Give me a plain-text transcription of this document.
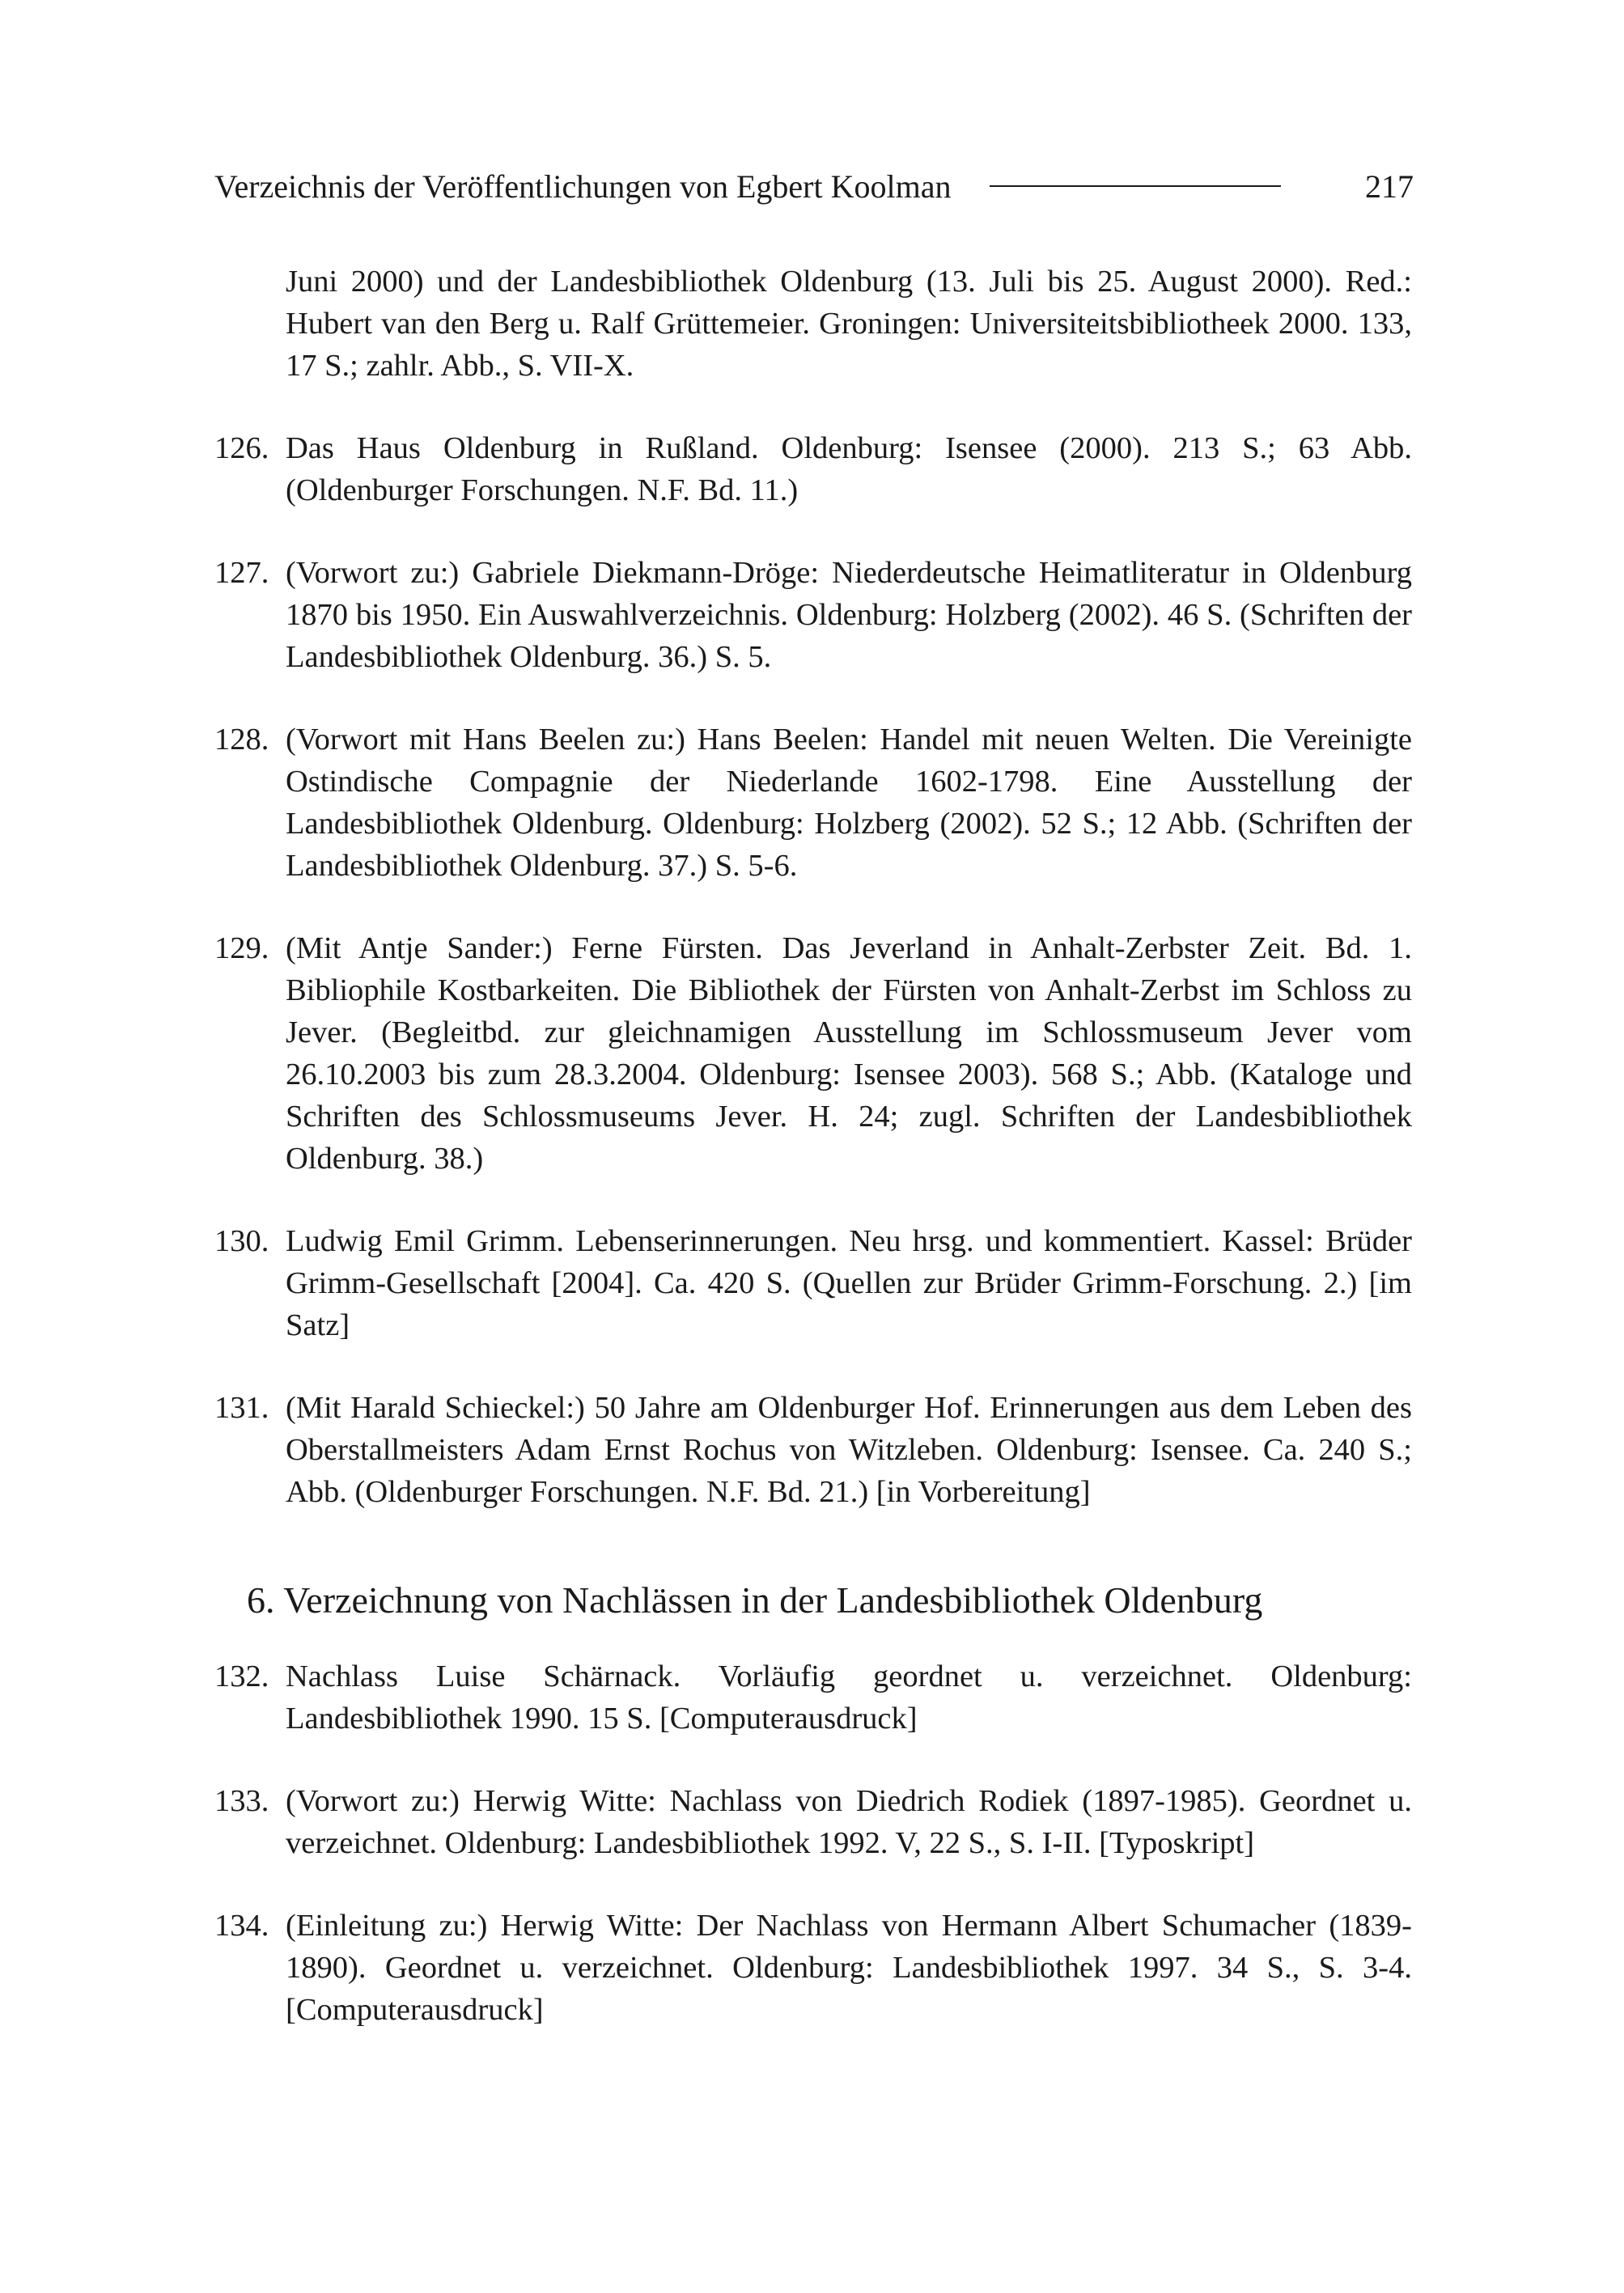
Verzeichnis der Veröffentlichungen von Egbert Koolman	217
Juni 2000) und der Landesbibliothek Oldenburg (13. Juli bis 25. August 2000). Red.: Hubert van den Berg u. Ralf Grüttemeier. Groningen: Universiteitsbibliotheek 2000. 133, 17 S.; zahlr. Abb., S. VII-X.
126. Das Haus Oldenburg in Rußland. Oldenburg: Isensee (2000). 213 S.; 63 Abb. (Oldenburger Forschungen. N.F. Bd. 11.)
127. (Vorwort zu:) Gabriele Diekmann-Dröge: Niederdeutsche Heimatliteratur in Oldenburg 1870 bis 1950. Ein Auswahlverzeichnis. Oldenburg: Holzberg (2002). 46 S. (Schriften der Landesbibliothek Oldenburg. 36.) S. 5.
128. (Vorwort mit Hans Beelen zu:) Hans Beelen: Handel mit neuen Welten. Die Vereinigte Ostindische Compagnie der Niederlande 1602-1798. Eine Ausstellung der Landesbibliothek Oldenburg. Oldenburg: Holzberg (2002). 52 S.; 12 Abb. (Schriften der Landesbibliothek Oldenburg. 37.) S. 5-6.
129. (Mit Antje Sander:) Ferne Fürsten. Das Jeverland in Anhalt-Zerbster Zeit. Bd. 1. Bibliophile Kostbarkeiten. Die Bibliothek der Fürsten von Anhalt-Zerbst im Schloss zu Jever. (Begleitbd. zur gleichnamigen Ausstellung im Schlossmuseum Jever vom 26.10.2003 bis zum 28.3.2004. Oldenburg: Isensee 2003). 568 S.; Abb. (Kataloge und Schriften des Schlossmuseums Jever. H. 24; zugl. Schriften der Landesbibliothek Oldenburg. 38.)
130. Ludwig Emil Grimm. Lebenserinnerungen. Neu hrsg. und kommentiert. Kassel: Brüder Grimm-Gesellschaft [2004]. Ca. 420 S. (Quellen zur Brüder Grimm-Forschung. 2.) [im Satz]
131. (Mit Harald Schieckel:) 50 Jahre am Oldenburger Hof. Erinnerungen aus dem Leben des Oberstallmeisters Adam Ernst Rochus von Witzleben. Oldenburg: Isensee. Ca. 240 S.; Abb. (Oldenburger Forschungen. N.F. Bd. 21.) [in Vorbereitung]
6. Verzeichnung von Nachlässen in der Landesbibliothek Oldenburg
132. Nachlass Luise Schärnack. Vorläufig geordnet u. verzeichnet. Oldenburg: Landesbibliothek 1990. 15 S. [Computerausdruck]
133. (Vorwort zu:) Herwig Witte: Nachlass von Diedrich Rodiek (1897-1985). Geordnet u. verzeichnet. Oldenburg: Landesbibliothek 1992. V, 22 S., S. I-II. [Typoskript]
134. (Einleitung zu:) Herwig Witte: Der Nachlass von Hermann Albert Schumacher (1839-1890). Geordnet u. verzeichnet. Oldenburg: Landesbibliothek 1997. 34 S., S. 3-4. [Computerausdruck]
